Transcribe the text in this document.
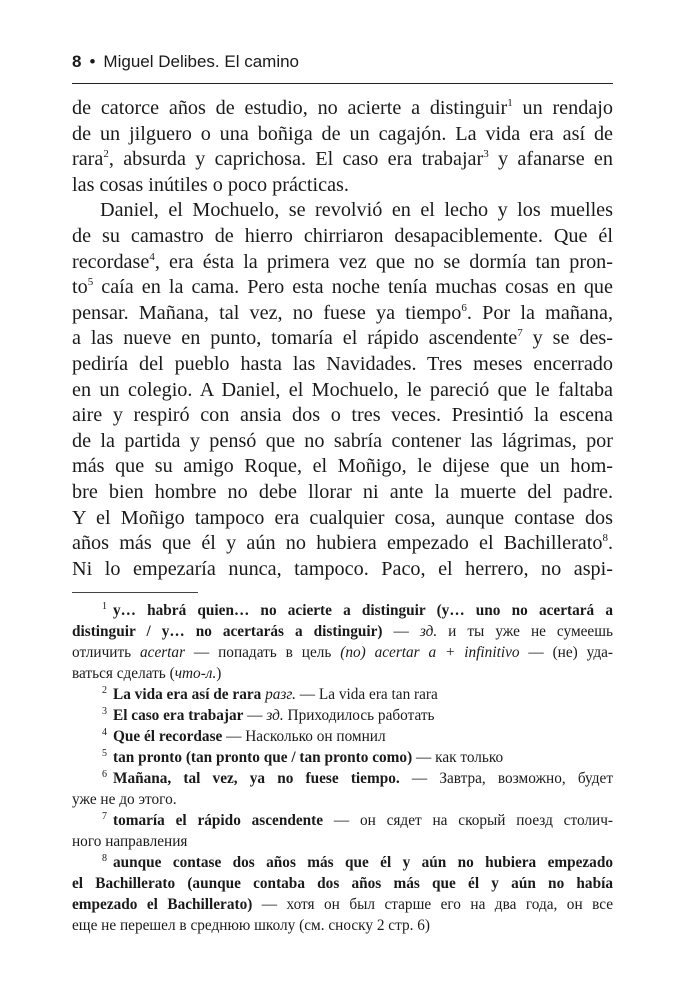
8 • Miguel Delibes. El camino
de catorce años de estudio, no acierte a distinguir$^1$ un rendajo
de un jilguero o una boñiga de un cagajón. La vida era así de
rara$^2$, absurda y caprichosa. El caso era trabajar$^3$ y afanarse en
las cosas inútiles o poco prácticas.
Daniel, el Mochuelo, se revolvió en el lecho y los muelles
de su camastro de hierro chirriaron desapaciblemente. Que él
recordase$^4$, era ésta la primera vez que no se dormía tan pron-
$to^5$ caía en la cama. Pero esta noche tenía muchas cosas en que
pensar. Mañana, tal vez, no fuese ya tiempo$^6$. Por la mañana,
a las nueve en punto, tomaría el rápido ascendente$^7$ y se des-
pediría del pueblo hasta las Navidades. Tres meses encerrado
en un colegio. A Daniel, el Mochuelo, le pareció que le faltaba
aire y respiró con ansia dos o tres veces. Presintió la escena
de la partida y pensó que no sabría contener las lágrimas, por
más que su amigo Roque, el Moñigo, le dijese que un hom-
bre bien hombre no debe llorar ni ante la muerte del padre.
Y el Moñigo tampoco era cualquier cosa, aunque contase dos
años más que él y aún no hubiera empezado el Bachillerato$^8$.
Ni lo empezaría nunca, tampoco. Paco, el herrero, no aspi-
$^1$ y… habrá quien… no acierte a distinguir (y… uno no acertará a
distinguir / y… no acertarás a distinguir) — зд. и ты уже не сумеешь
отличить acertar — попадать в цель (no) acertar a + infinitivo — (не) уда-
ваться сделать (что-л.)
$^2$ La vida era así de rara разг. — La vida era tan rara
$^3$ El caso era trabajar — зд. Приходилось работать
$^4$ Que él recordase — Насколько он помнил
$^5$ tan pronto (tan pronto que / tan pronto como) — как только
$^6$ Mañana, tal vez, ya no fuese tiempo. — Завтра, возможно, будет
уже не до этого.
$^7$ tomaría el rápido ascendente — он сядет на скорый поезд столич-
ного направления
$^8$ aunque contase dos años más que él y aún no hubiera empezado
el Bachillerato (aunque contaba dos años más que él y aún no había
empezado el Bachillerato) — хотя он был старше его на два года, он все
еще не перешел в среднюю школу (см. сноску 2 стр. 6)
